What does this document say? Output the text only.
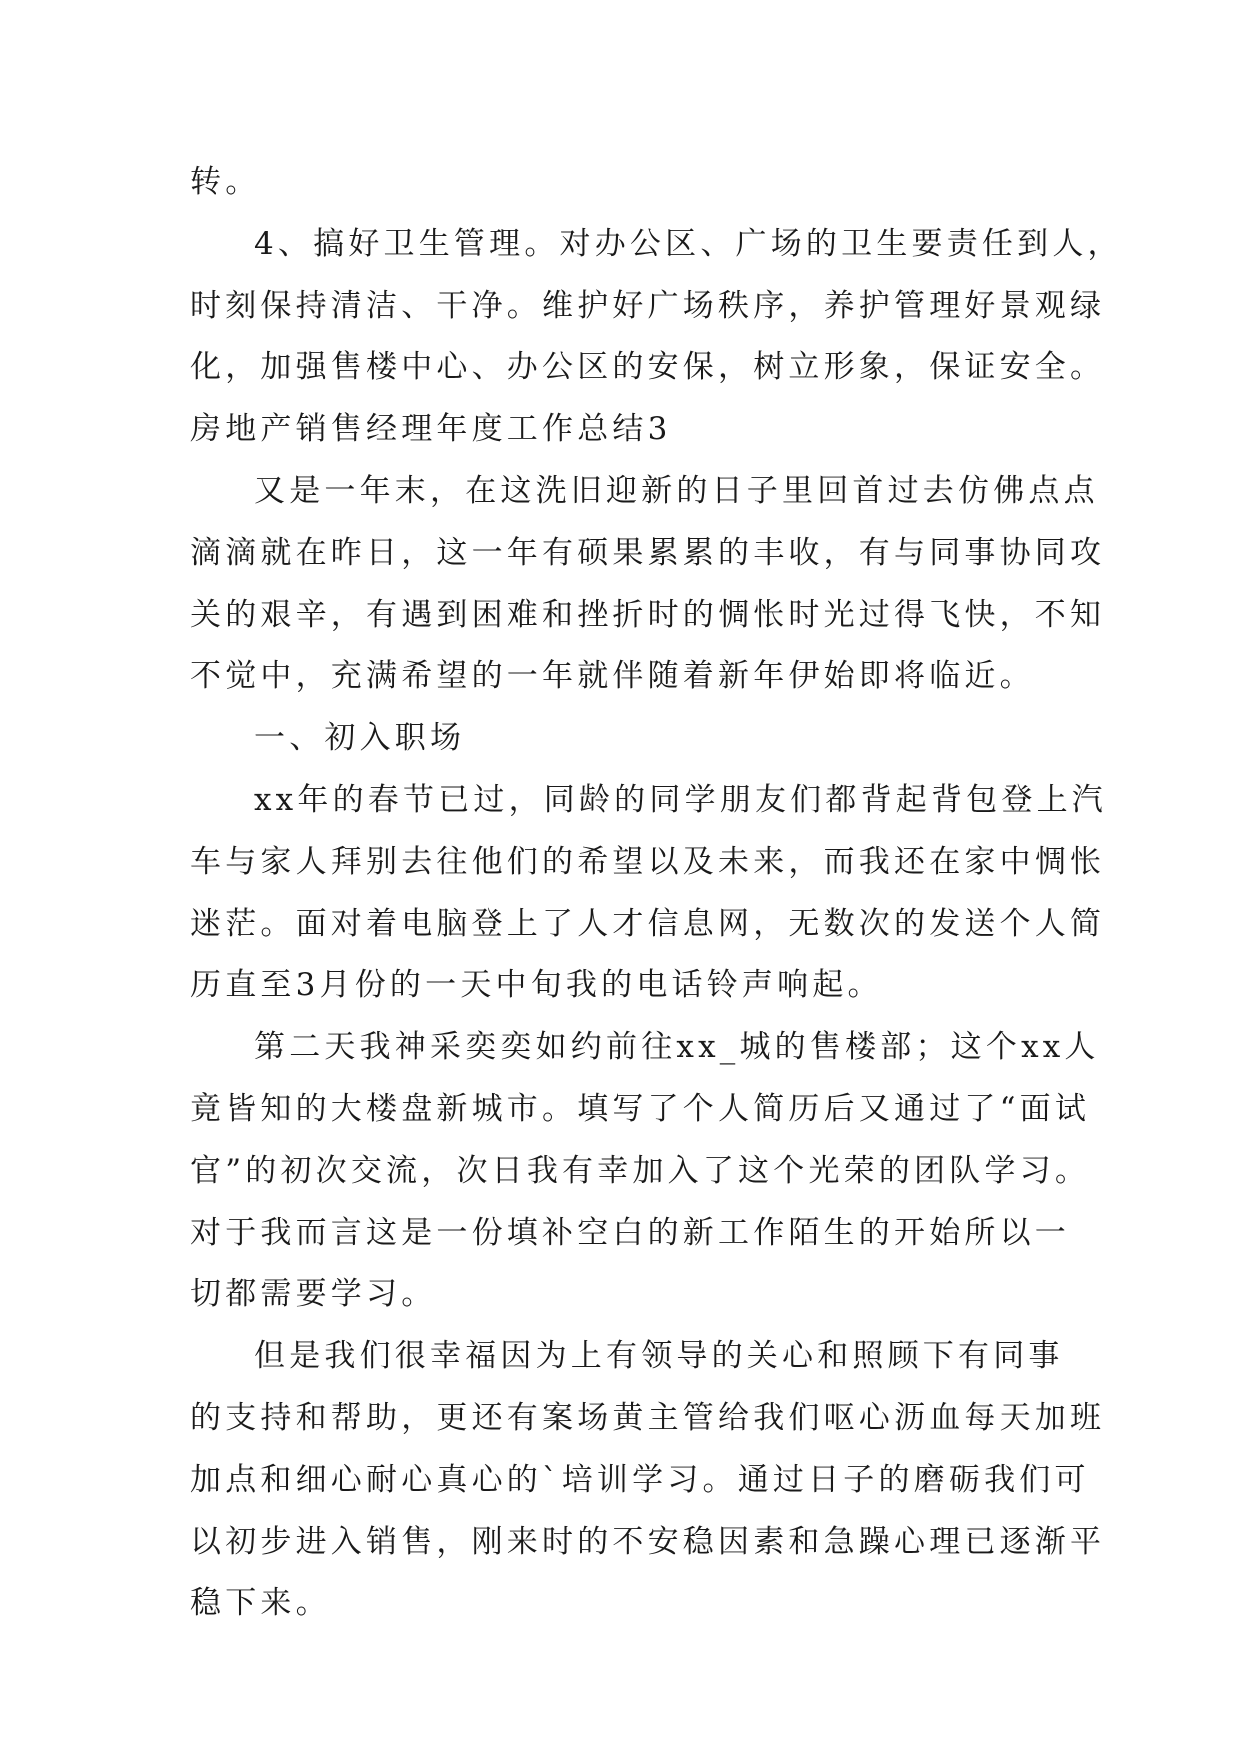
转。
4、搞好卫生管理。对办公区、广场的卫生要责任到人，
时刻保持清洁、干净。维护好广场秩序，养护管理好景观绿
化，加强售楼中心、办公区的安保，树立形象，保证安全。
房地产销售经理年度工作总结3
又是一年末，在这洗旧迎新的日子里回首过去仿佛点点
滴滴就在昨日，这一年有硕果累累的丰收，有与同事协同攻
关的艰辛，有遇到困难和挫折时的惆怅时光过得飞快，不知
不觉中，充满希望的一年就伴随着新年伊始即将临近。
一、初入职场
xx年的春节已过，同龄的同学朋友们都背起背包登上汽
车与家人拜别去往他们的希望以及未来，而我还在家中惆怅
迷茫。面对着电脑登上了人才信息网，无数次的发送个人简
历直至3月份的一天中旬我的电话铃声响起。
第二天我神采奕奕如约前往xx_城的售楼部；这个xx人
竟皆知的大楼盘新城市。填写了个人简历后又通过了“面试
官”的初次交流，次日我有幸加入了这个光荣的团队学习。
对于我而言这是一份填补空白的新工作陌生的开始所以一
切都需要学习。
但是我们很幸福因为上有领导的关心和照顾下有同事
的支持和帮助，更还有案场黄主管给我们呕心沥血每天加班
加点和细心耐心真心的`培训学习。通过日子的磨砺我们可
以初步进入销售，刚来时的不安稳因素和急躁心理已逐渐平
稳下来。
